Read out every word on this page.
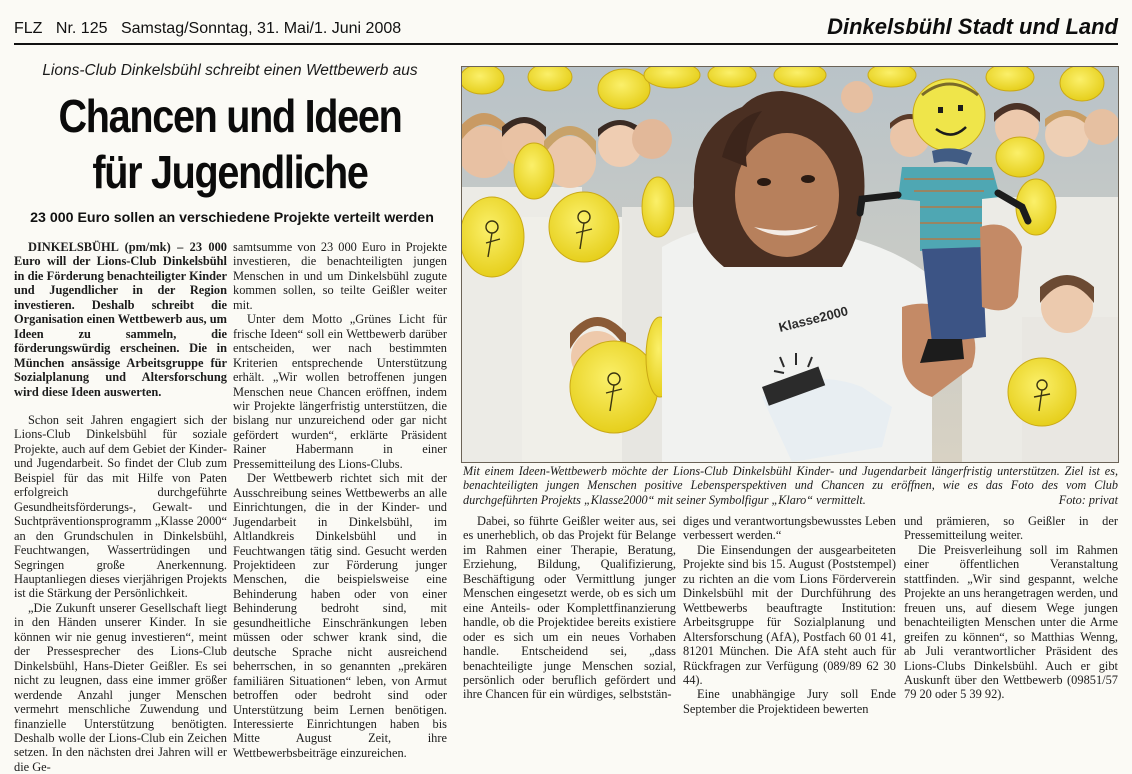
FLZ Nr. 125 Samstag/Sonntag, 31. Mai/1. Juni 2008	Dinkelsbühl Stadt und Land
Lions-Club Dinkelsbühl schreibt einen Wettbewerb aus
Chancen und Ideen
für Jugendliche
23 000 Euro sollen an verschiedene Projekte verteilt werden

DINKELSBÜHL (pm/mk) – 23 000 Euro will der Lions-Club Dinkelsbühl in die Förderung benachteiligter Kinder und Jugendlicher in der Region investieren. Deshalb schreibt die Organisation einen Wettbewerb aus, um Ideen zu sammeln, die förderungswürdig erscheinen. Die in München ansässige Arbeitsgruppe für Sozialplanung und Altersforschung wird diese Ideen auswerten.

Schon seit Jahren engagiert sich der Lions-Club Dinkelsbühl für soziale Projekte, auch auf dem Gebiet der Kinder- und Jugendarbeit. So findet der Club zum Beispiel für das mit Hilfe von Paten erfolgreich durchgeführte Gesundheitsförderungs-, Gewalt- und Suchtpräventionsprogramm „Klasse 2000“ an den Grundschulen in Dinkelsbühl, Feuchtwangen, Wassertrüdingen und Segringen große Anerkennung. Hauptanliegen dieses vierjährigen Projekts ist die Stärkung der Persönlichkeit.

„Die Zukunft unserer Gesellschaft liegt in den Händen unserer Kinder. In sie können wir nie genug investieren“, meint der Pressesprecher des Lions-Club Dinkelsbühl, Hans-Dieter Geißler. Es sei nicht zu leugnen, dass eine immer größer werdende Anzahl junger Menschen vermehrt menschliche Zuwendung und finanzielle Unterstützung benötigten. Deshalb wolle der Lions-Club ein Zeichen setzen. In den nächsten drei Jahren will er die Ge-

samtsumme von 23 000 Euro in Projekte investieren, die benachteiligten jungen Menschen in und um Dinkelsbühl zugute kommen sollen, so teilte Geißler weiter mit.

Unter dem Motto „Grünes Licht für frische Ideen“ soll ein Wettbewerb darüber entscheiden, wer nach bestimmten Kriterien entsprechende Unterstützung erhält. „Wir wollen betroffenen jungen Menschen neue Chancen eröffnen, indem wir Projekte längerfristig unterstützen, die bislang nur unzureichend oder gar nicht gefördert wurden“, erklärte Präsident Rainer Habermann in einer Pressemitteilung des Lions-Clubs.

Der Wettbewerb richtet sich mit der Ausschreibung seines Wettbewerbs an alle Einrichtungen, die in der Kinder- und Jugendarbeit in Dinkelsbühl, im Altlandkreis Dinkelsbühl und in Feuchtwangen tätig sind. Gesucht werden Projektideen zur Förderung junger Menschen, die beispielsweise eine Behinderung haben oder von einer Behinderung bedroht sind, mit gesundheitliche Einschränkungen leben müssen oder schwer krank sind, die deutsche Sprache nicht ausreichend beherrschen, in so genannten „prekären familiären Situationen“ leben, von Armut betroffen oder bedroht sind oder Unterstützung beim Lernen benötigen. Interessierte Einrichtungen haben bis Mitte August Zeit, ihre Wettbewerbsbeiträge einzureichen.

Klasse2000
Mit einem Ideen-Wettbewerb möchte der Lions-Club Dinkelsbühl Kinder- und Jugendarbeit längerfristig unterstützen. Ziel ist es, benachteiligten jungen Menschen positive Lebensperspektiven und Chancen zu eröffnen, wie es das Foto des vom Club durchgeführten Projekts „Klasse2000“ mit seiner Symbolfigur „Klaro“ vermittelt.	Foto: privat

Dabei, so führte Geißler weiter aus, sei es unerheblich, ob das Projekt für Belange im Rahmen einer Therapie, Beratung, Erziehung, Bildung, Qualifizierung, Beschäftigung oder Vermittlung junger Menschen eingesetzt werde, ob es sich um eine Anteils- oder Komplettfinanzierung handle, ob die Projektidee bereits existiere oder es sich um ein neues Vorhaben handle. Entscheidend sei, „dass benachteiligte junge Menschen sozial, persönlich oder beruflich gefördert und ihre Chancen für ein würdiges, selbststän-

diges und verantwortungsbewusstes Leben verbessert werden.“

Die Einsendungen der ausgearbeiteten Projekte sind bis 15. August (Poststempel) zu richten an die vom Lions Förderverein Dinkelsbühl mit der Durchführung des Wettbewerbs beauftragte Institution: Arbeitsgruppe für Sozialplanung und Altersforschung (AfA), Postfach 60 01 41, 81201 München. Die AfA steht auch für Rückfragen zur Verfügung (089/89 62 30 44).

Eine unabhängige Jury soll Ende September die Projektideen bewerten

und prämieren, so Geißler in der Pressemitteilung weiter.

Die Preisverleihung soll im Rahmen einer öffentlichen Veranstaltung stattfinden. „Wir sind gespannt, welche Projekte an uns herangetragen werden, und freuen uns, auf diesem Wege jungen benachteiligten Menschen unter die Arme greifen zu können“, so Matthias Wenng, ab Juli verantwortlicher Präsident des Lions-Clubs Dinkelsbühl. Auch er gibt Auskunft über den Wettbewerb (09851/57 79 20 oder 5 39 92).
